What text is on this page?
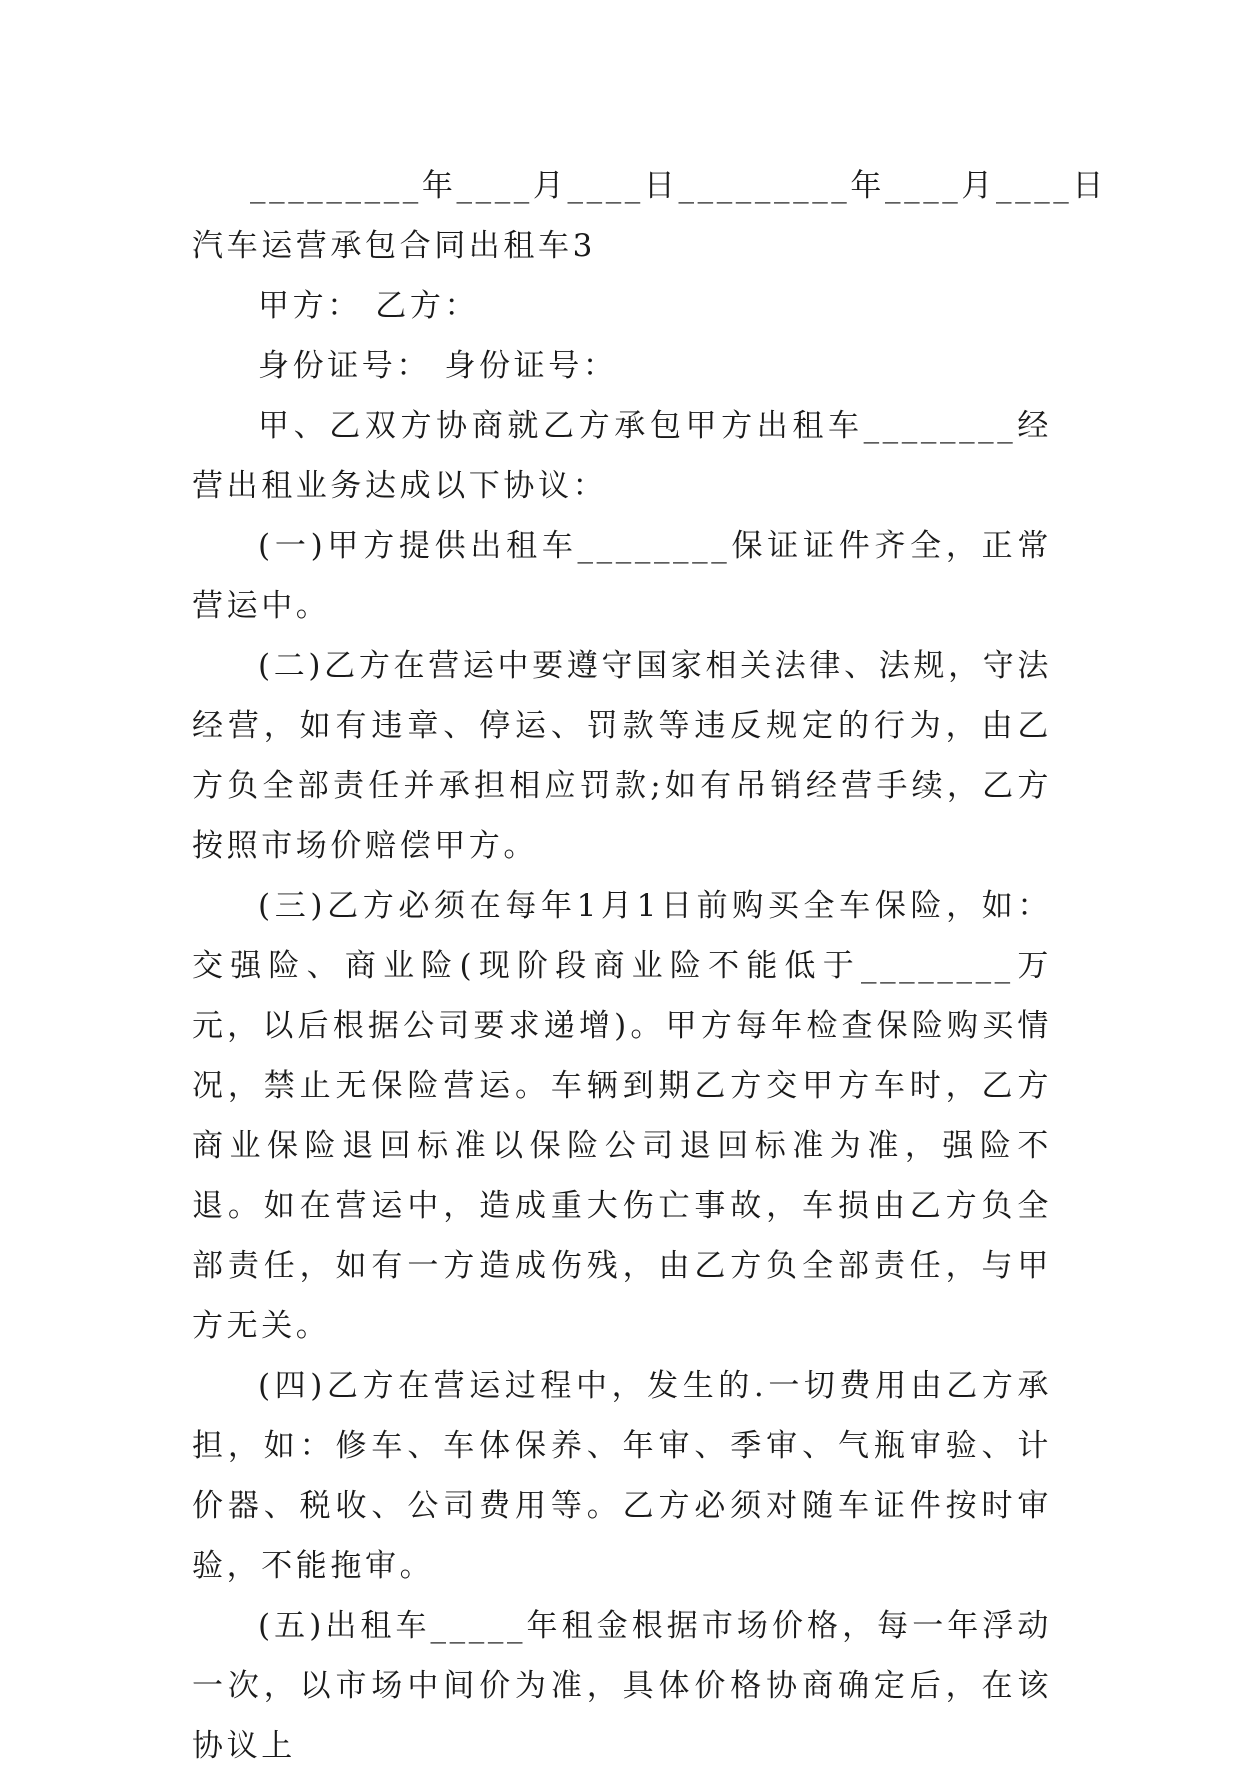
_________年____月____日_________年____月____日

汽车运营承包合同出租车3

甲方： 乙方：

身份证号： 身份证号：

甲、乙双方协商就乙方承包甲方出租车________经营出租业务达成以下协议：

(一)甲方提供出租车________保证证件齐全，正常营运中。

(二)乙方在营运中要遵守国家相关法律、法规，守法经营，如有违章、停运、罚款等违反规定的行为，由乙方负全部责任并承担相应罚款;如有吊销经营手续，乙方按照市场价赔偿甲方。

(三)乙方必须在每年1月1日前购买全车保险，如：交强险、商业险(现阶段商业险不能低于________万元，以后根据公司要求递增)。甲方每年检查保险购买情况，禁止无保险营运。车辆到期乙方交甲方车时，乙方商业保险退回标准以保险公司退回标准为准，强险不退。如在营运中，造成重大伤亡事故，车损由乙方负全部责任，如有一方造成伤残，由乙方负全部责任，与甲方无关。

(四)乙方在营运过程中，发生的.一切费用由乙方承担，如：修车、车体保养、年审、季审、气瓶审验、计价器、税收、公司费用等。乙方必须对随车证件按时审验，不能拖审。

(五)出租车_____年租金根据市场价格，每一年浮动一次，以市场中间价为准，具体价格协商确定后，在该协议上
